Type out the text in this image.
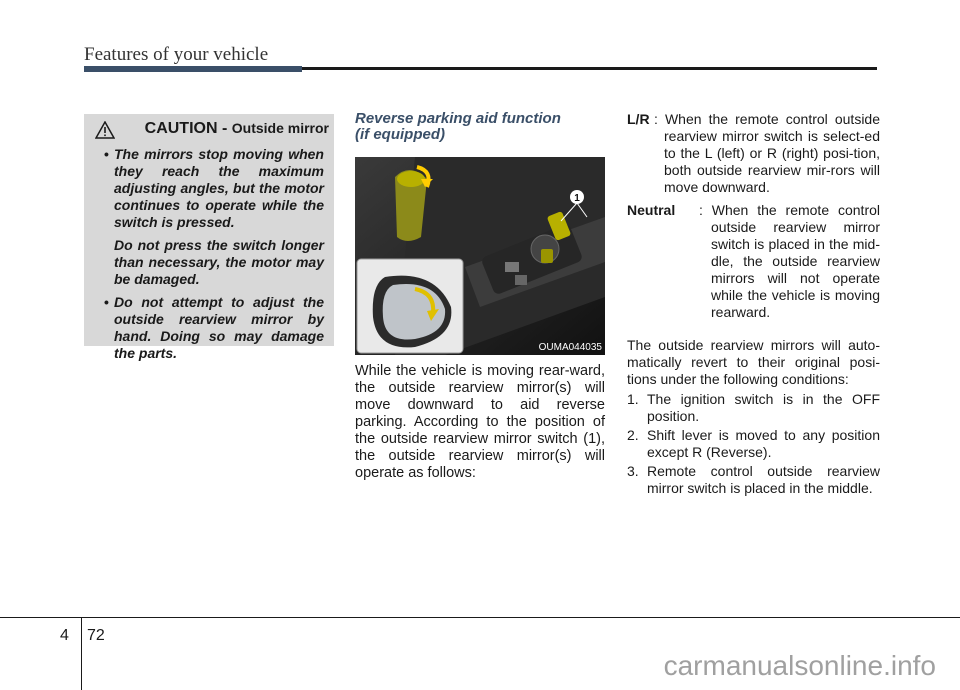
Features of your vehicle
CAUTION - Outside mirror
• The mirrors stop moving when they reach the maximum adjusting angles, but the motor continues to operate while the switch is pressed.
Do not press the switch longer than necessary, the motor may be damaged.
• Do not attempt to adjust the outside rearview mirror by hand. Doing so may damage the parts.
Reverse parking aid function
(if equipped)
1
OUMA044035
While the vehicle is moving rear-ward, the outside rearview mirror(s) will move downward to aid reverse parking. According to the position of the outside rearview mirror switch (1), the outside rearview mirror(s) will operate as follows:
L/R : When the remote control outside rearview mirror switch is select-ed to the L (left) or R (right) posi-tion, both outside rearview mir-rors will move downward.
Neutral	: When the remote control outside rearview mirror switch is placed in the mid-dle, the outside rearview mirrors will not operate while the vehicle is moving rearward.
The outside rearview mirrors will auto-matically revert to their original posi-tions under the following conditions:
1. The ignition switch is in the OFF position.
2. Shift lever is moved to any position except R (Reverse).
3. Remote control outside rearview mirror switch is placed in the middle.
4 72
carmanualsonline.info
